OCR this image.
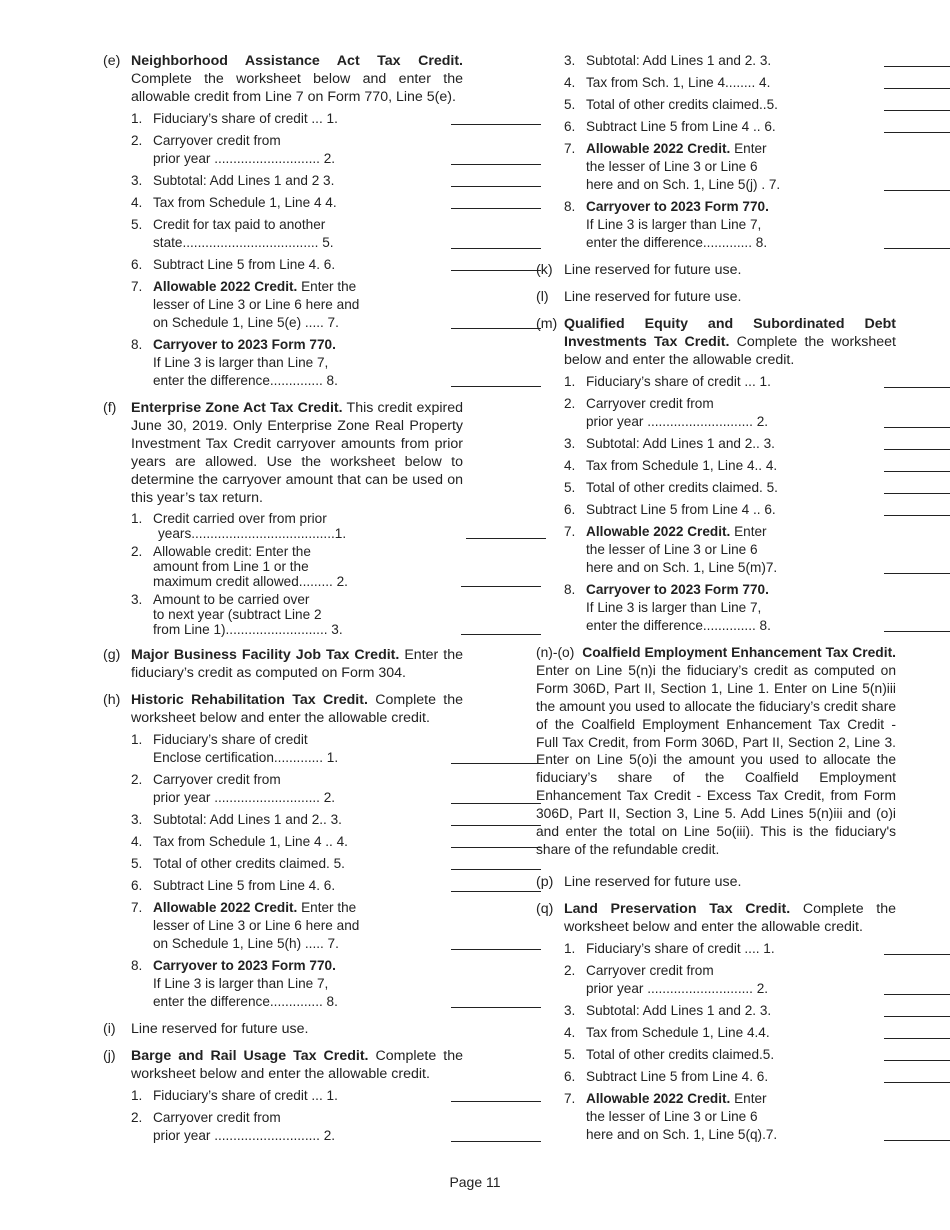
(e) Neighborhood Assistance Act Tax Credit. Complete the worksheet below and enter the allowable credit from Line 7 on Form 770, Line 5(e).
1. Fiduciary’s share of credit ... 1.
2. Carryover credit from
prior year ............................ 2.
3. Subtotal: Add Lines 1 and 2 3.
4. Tax from Schedule 1, Line 4 4.
5. Credit for tax paid to another
state.................................... 5.
6. Subtract Line 5 from Line 4. 6.
7. Allowable 2022 Credit. Enter the
lesser of Line 3 or Line 6 here and
on Schedule 1, Line 5(e) ..... 7.
8. Carryover to 2023 Form 770.
If Line 3 is larger than Line 7,
enter the difference.............. 8.
(f) Enterprise Zone Act Tax Credit. This credit expired June 30, 2019. Only Enterprise Zone Real Property Investment Tax Credit carryover amounts from prior years are allowed. Use the worksheet below to determine the carryover amount that can be used on this year’s tax return.
1. Credit carried over from prior
years......................................1.
2. Allowable credit: Enter the
amount from Line 1 or the
maximum credit allowed......... 2.
3. Amount to be carried over
to next year (subtract Line 2
from Line 1)........................... 3.
(g) Major Business Facility Job Tax Credit. Enter the fiduciary’s credit as computed on Form 304.
(h) Historic Rehabilitation Tax Credit. Complete the worksheet below and enter the allowable credit.
1. Fiduciary’s share of credit
Enclose certification............. 1.
2. Carryover credit from
prior year ............................ 2.
3. Subtotal: Add Lines 1 and 2.. 3.
4. Tax from Schedule 1, Line 4 .. 4.
5. Total of other credits claimed. 5.
6. Subtract Line 5 from Line 4. 6.
7. Allowable 2022 Credit. Enter the
lesser of Line 3 or Line 6 here and
on Schedule 1, Line 5(h) ..... 7.
8. Carryover to 2023 Form 770.
If Line 3 is larger than Line 7,
enter the difference.............. 8.
(i) Line reserved for future use.
(j) Barge and Rail Usage Tax Credit. Complete the worksheet below and enter the allowable credit.
1. Fiduciary’s share of credit ... 1.
2. Carryover credit from
prior year ............................ 2.
3. Subtotal: Add Lines 1 and 2. 3.
4. Tax from Sch. 1, Line 4........ 4.
5. Total of other credits claimed..5.
6. Subtract Line 5 from Line 4 .. 6.
7. Allowable 2022 Credit. Enter
the lesser of Line 3 or Line 6
here and on Sch. 1, Line 5(j) . 7.
8. Carryover to 2023 Form 770.
If Line 3 is larger than Line 7,
enter the difference............. 8.
(k) Line reserved for future use.
(l) Line reserved for future use.
(m) Qualified Equity and Subordinated Debt Investments Tax Credit. Complete the worksheet below and enter the allowable credit.
1. Fiduciary’s share of credit ... 1.
2. Carryover credit from
prior year ............................ 2.
3. Subtotal: Add Lines 1 and 2.. 3.
4. Tax from Schedule 1, Line 4.. 4.
5. Total of other credits claimed. 5.
6. Subtract Line 5 from Line 4 .. 6.
7. Allowable 2022 Credit. Enter
the lesser of Line 3 or Line 6
here and on Sch. 1, Line 5(m)7.
8. Carryover to 2023 Form 770.
If Line 3 is larger than Line 7,
enter the difference.............. 8.
(n)-(o) Coalfield Employment Enhancement Tax Credit. Enter on Line 5(n)i the fiduciary’s credit as computed on Form 306D, Part II, Section 1, Line 1. Enter on Line 5(n)iii the amount you used to allocate the fiduciary’s credit share of the Coalfield Employment Enhancement Tax Credit - Full Tax Credit, from Form 306D, Part II, Section 2, Line 3. Enter on Line 5(o)i the amount you used to allocate the fiduciary’s share of the Coalfield Employment Enhancement Tax Credit - Excess Tax Credit, from Form 306D, Part II, Section 3, Line 5. Add Lines 5(n)iii and (o)i and enter the total on Line 5o(iii). This is the fiduciary's share of the refundable credit.
(p) Line reserved for future use.
(q) Land Preservation Tax Credit. Complete the worksheet below and enter the allowable credit.
1. Fiduciary’s share of credit .... 1.
2. Carryover credit from
prior year ............................ 2.
3. Subtotal: Add Lines 1 and 2. 3.
4. Tax from Schedule 1, Line 4.4.
5. Total of other credits claimed.5.
6. Subtract Line 5 from Line 4. 6.
7. Allowable 2022 Credit. Enter
the lesser of Line 3 or Line 6
here and on Sch. 1, Line 5(q).7.
Page 11
